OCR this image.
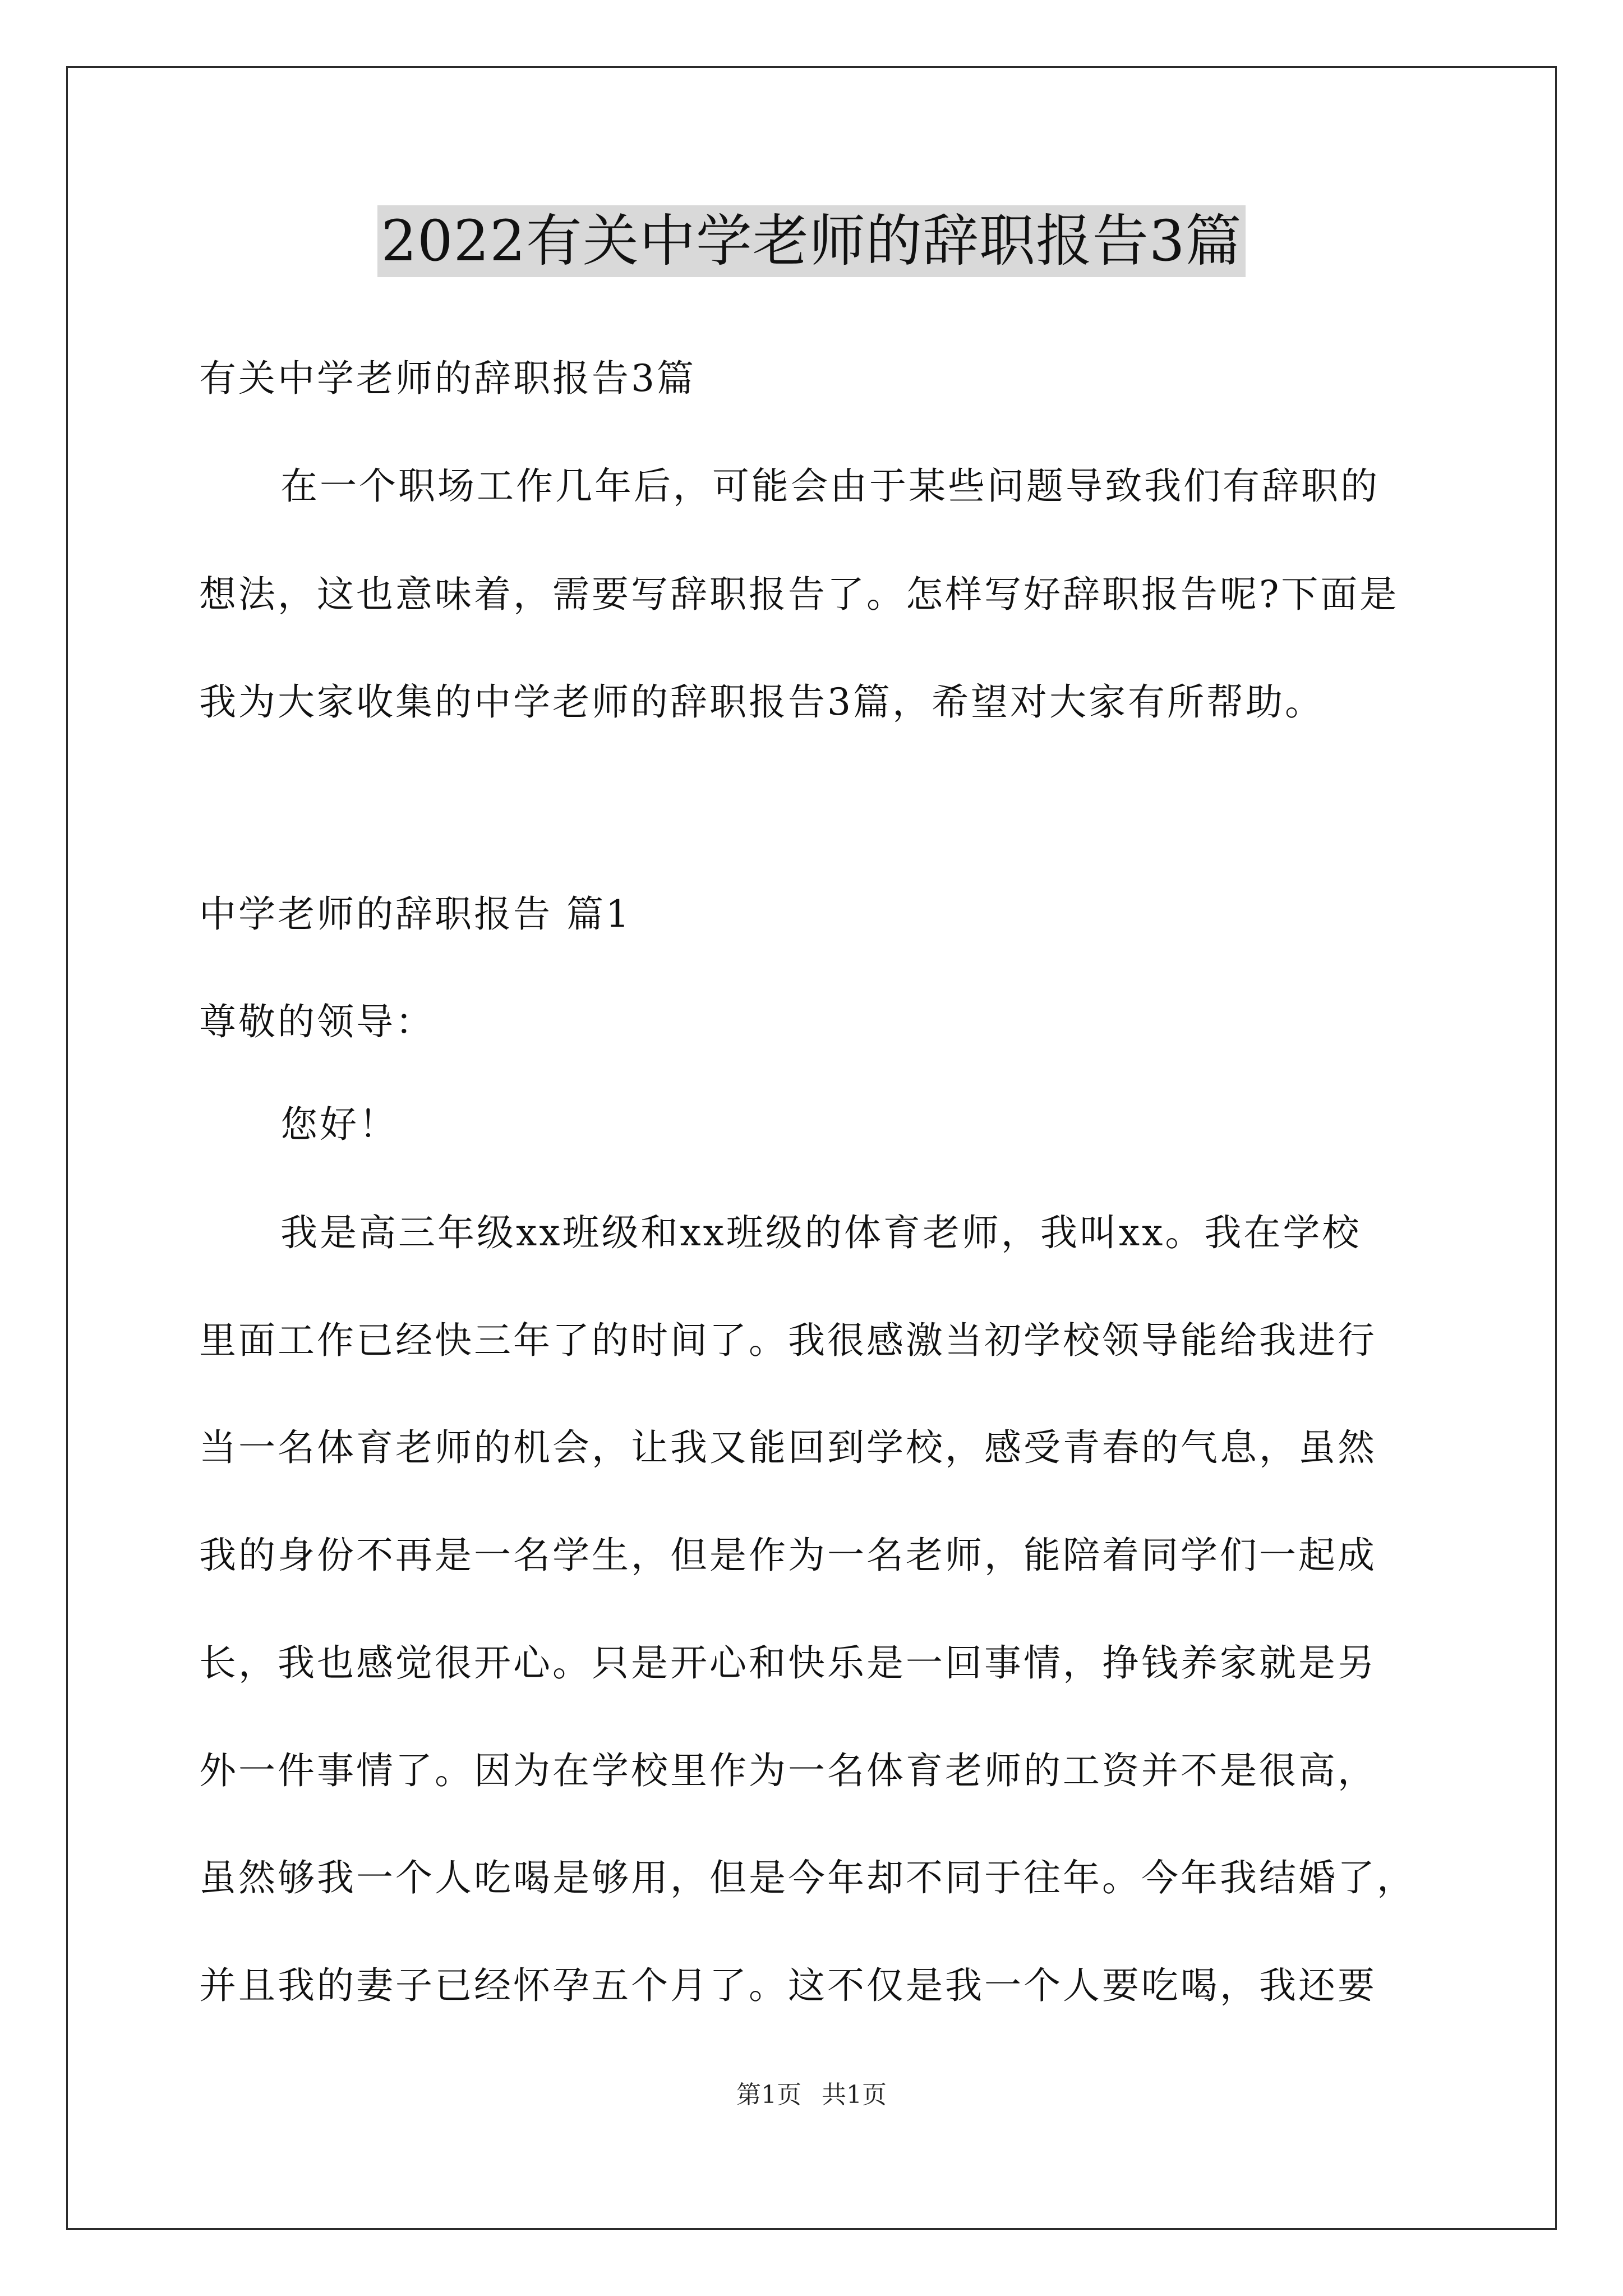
2022有关中学老师的辞职报告3篇
有关中学老师的辞职报告3篇
在一个职场工作几年后，可能会由于某些问题导致我们有辞职的
想法，这也意味着，需要写辞职报告了。怎样写好辞职报告呢?下面是
我为大家收集的中学老师的辞职报告3篇，希望对大家有所帮助。
中学老师的辞职报告 篇1
尊敬的领导：
您好！
我是高三年级xx班级和xx班级的体育老师，我叫xx。我在学校
里面工作已经快三年了的时间了。我很感激当初学校领导能给我进行
当一名体育老师的机会，让我又能回到学校，感受青春的气息，虽然
我的身份不再是一名学生，但是作为一名老师，能陪着同学们一起成
长，我也感觉很开心。只是开心和快乐是一回事情，挣钱养家就是另
外一件事情了。因为在学校里作为一名体育老师的工资并不是很高，
虽然够我一个人吃喝是够用，但是今年却不同于往年。今年我结婚了，
并且我的妻子已经怀孕五个月了。这不仅是我一个人要吃喝，我还要
第1页 共1页
